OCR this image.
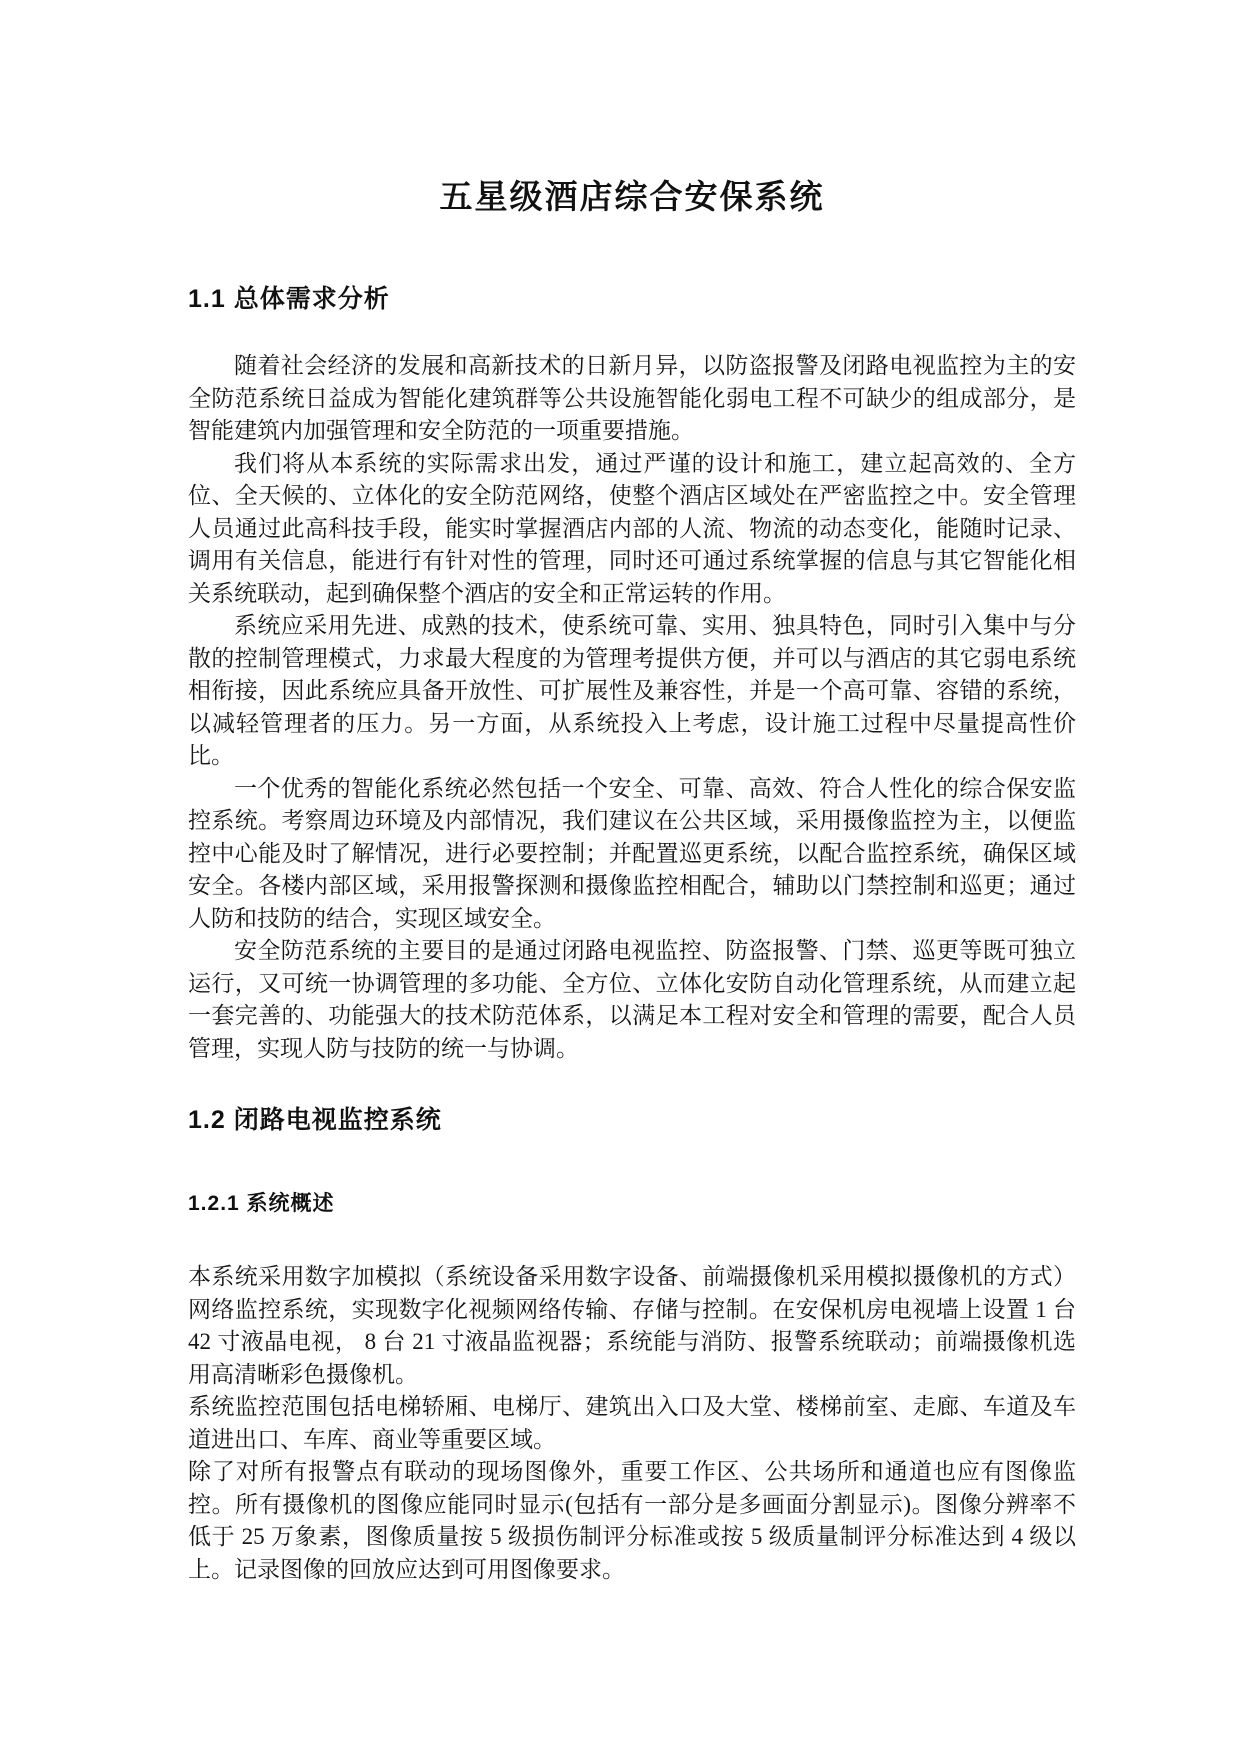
五星级酒店综合安保系统
1.1 总体需求分析

随着社会经济的发展和高新技术的日新月异，以防盗报警及闭路电视监控为主的安全防范系统日益成为智能化建筑群等公共设施智能化弱电工程不可缺少的组成部分，是智能建筑内加强管理和安全防范的一项重要措施。

我们将从本系统的实际需求出发，通过严谨的设计和施工，建立起高效的、全方位、全天候的、立体化的安全防范网络，使整个酒店区域处在严密监控之中。安全管理人员通过此高科技手段，能实时掌握酒店内部的人流、物流的动态变化，能随时记录、调用有关信息，能进行有针对性的管理，同时还可通过系统掌握的信息与其它智能化相关系统联动，起到确保整个酒店的安全和正常运转的作用。

系统应采用先进、成熟的技术，使系统可靠、实用、独具特色，同时引入集中与分散的控制管理模式，力求最大程度的为管理考提供方便，并可以与酒店的其它弱电系统相衔接，因此系统应具备开放性、可扩展性及兼容性，并是一个高可靠、容错的系统，以减轻管理者的压力。另一方面，从系统投入上考虑，设计施工过程中尽量提高性价比。

一个优秀的智能化系统必然包括一个安全、可靠、高效、符合人性化的综合保安监控系统。考察周边环境及内部情况，我们建议在公共区域，采用摄像监控为主，以便监控中心能及时了解情况，进行必要控制；并配置巡更系统，以配合监控系统，确保区域安全。各楼内部区域，采用报警探测和摄像监控相配合，辅助以门禁控制和巡更；通过人防和技防的结合，实现区域安全。

安全防范系统的主要目的是通过闭路电视监控、防盗报警、门禁、巡更等既可独立运行，又可统一协调管理的多功能、全方位、立体化安防自动化管理系统，从而建立起一套完善的、功能强大的技术防范体系，以满足本工程对安全和管理的需要，配合人员管理，实现人防与技防的统一与协调。

1.2 闭路电视监控系统
1.2.1 系统概述

本系统采用数字加模拟（系统设备采用数字设备、前端摄像机采用模拟摄像机的方式）网络监控系统，实现数字化视频网络传输、存储与控制。在安保机房电视墙上设置 1 台 42 寸液晶电视， 8 台 21 寸液晶监视器；系统能与消防、报警系统联动；前端摄像机选用高清晰彩色摄像机。

系统监控范围包括电梯轿厢、电梯厅、建筑出入口及大堂、楼梯前室、走廊、车道及车道进出口、车库、商业等重要区域。

除了对所有报警点有联动的现场图像外，重要工作区、公共场所和通道也应有图像监控。所有摄像机的图像应能同时显示(包括有一部分是多画面分割显示)。图像分辨率不低于 25 万象素，图像质量按 5 级损伤制评分标准或按 5 级质量制评分标准达到 4 级以上。记录图像的回放应达到可用图像要求。
